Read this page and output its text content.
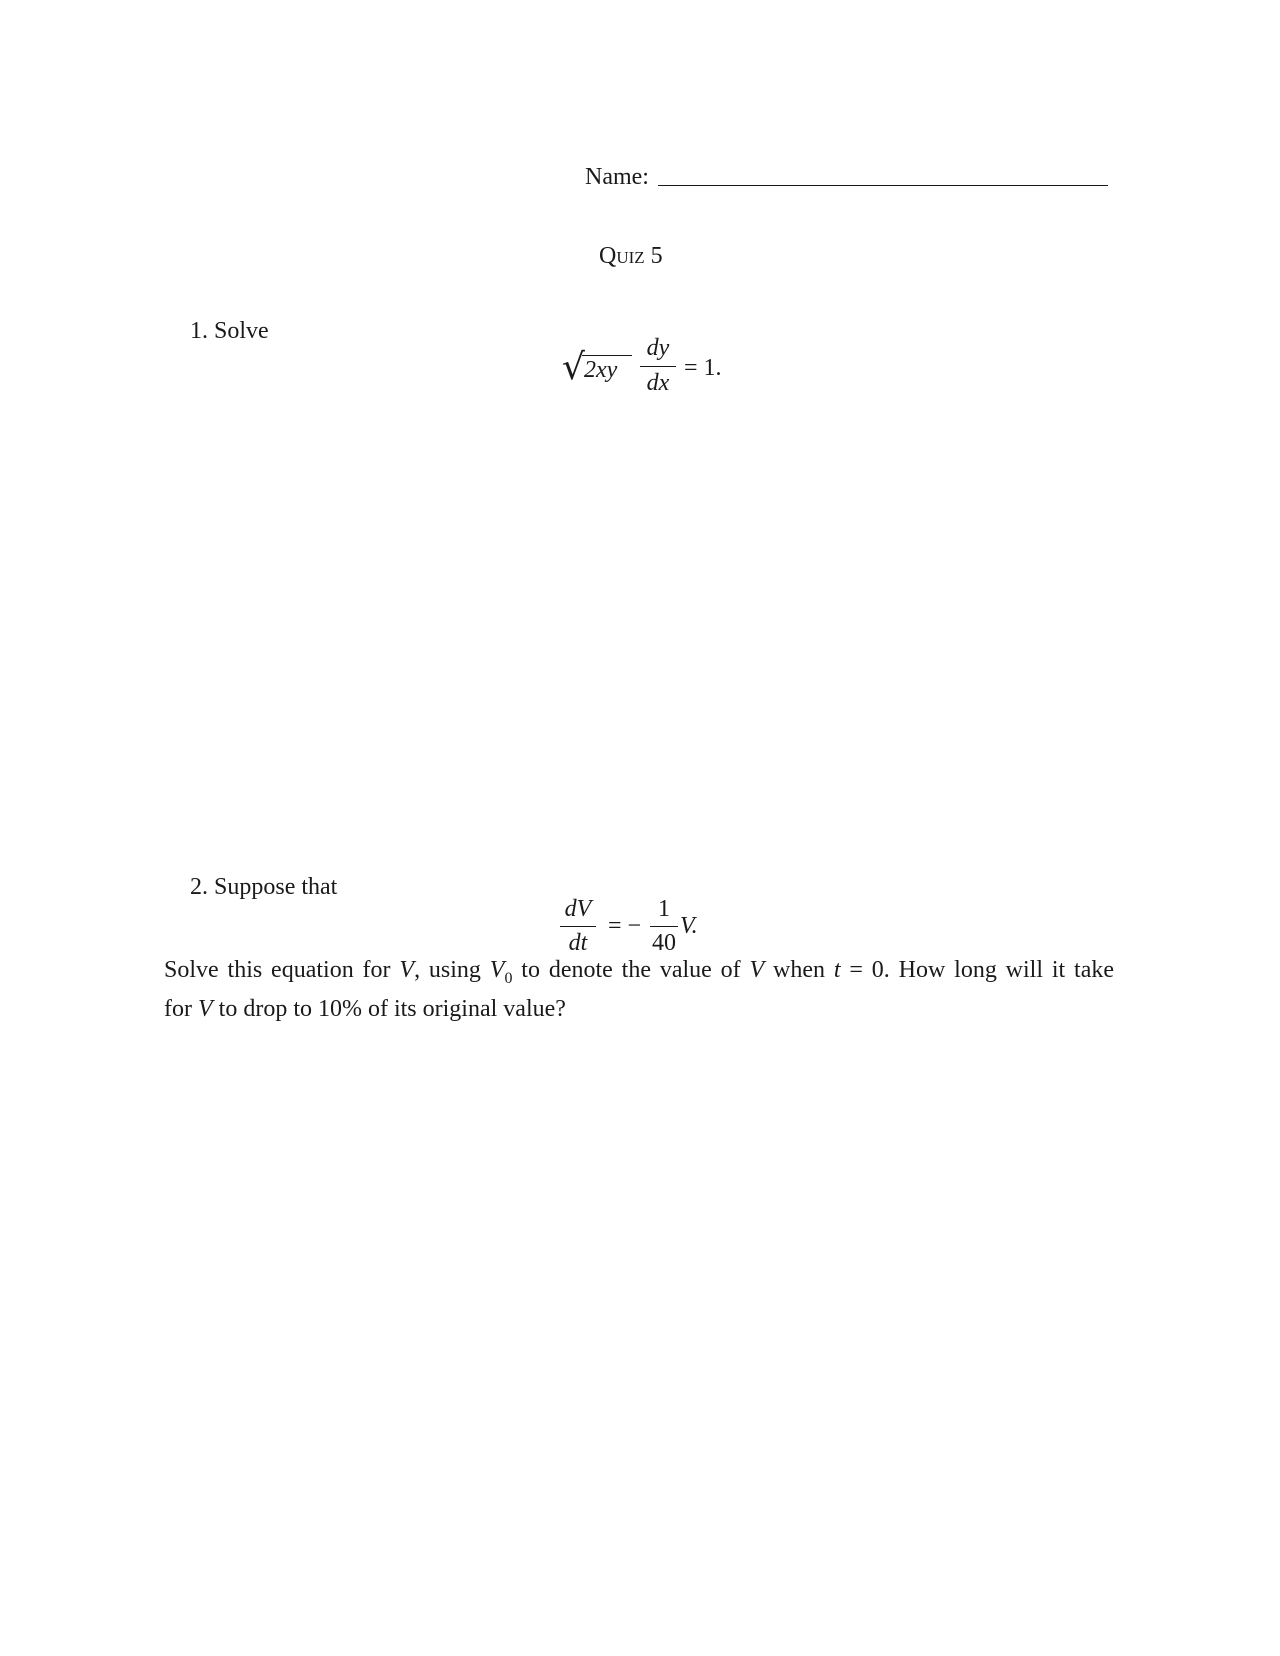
Name:
Quiz 5
1. Solve
√ 2xy
dy
dx
= 1.
2. Suppose that
dV
dt
= −
1
40
V.
Solve this equation for V, using $V_0$ to denote the value of V when t = 0. How long will it take
for V to drop to 10% of its original value?
